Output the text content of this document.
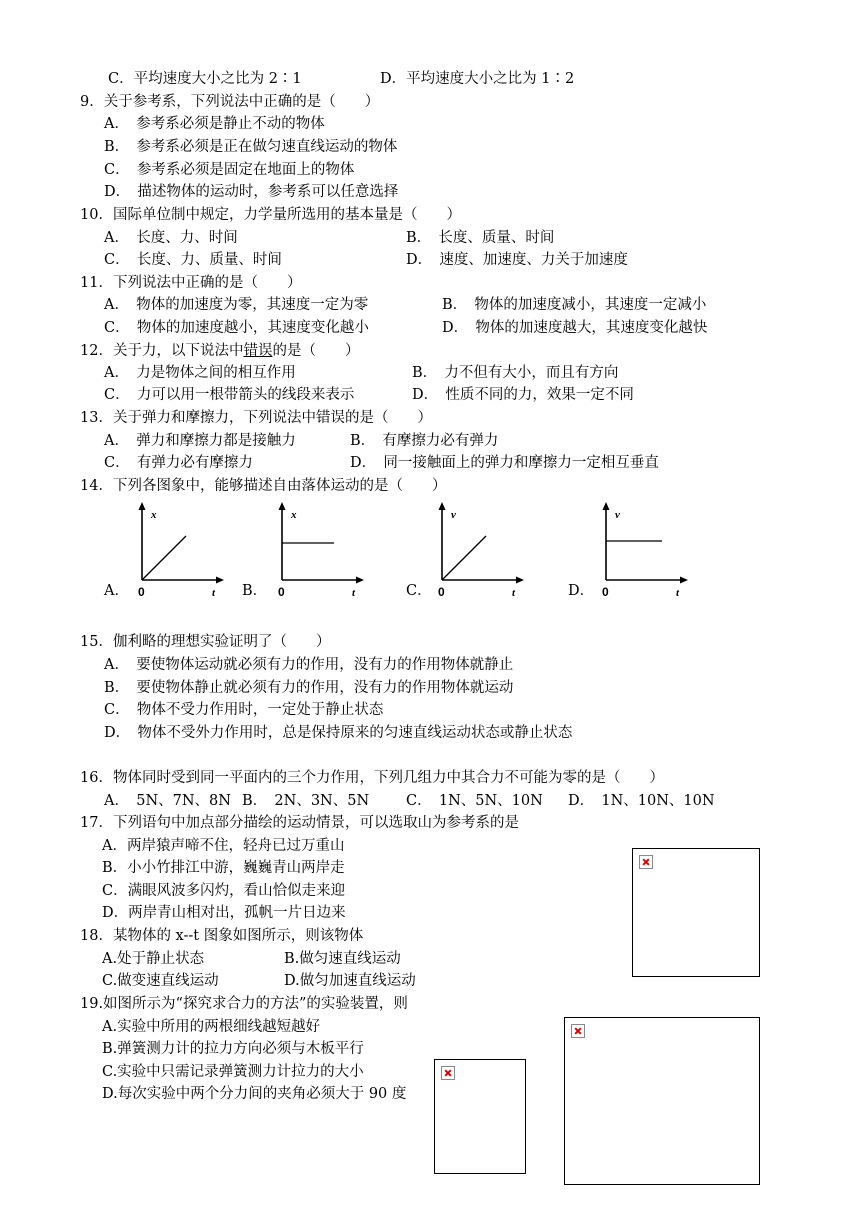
C．平均速度大小之比为 2∶1	D．平均速度大小之比为 1∶2
9．关于参考系，下列说法中正确的是（　　）
A．　参考系必须是静止不动的物体
B．　参考系必须是正在做匀速直线运动的物体
C．　参考系必须是固定在地面上的物体
D．　描述物体的运动时，参考系可以任意选择
10．国际单位制中规定，力学量所选用的基本量是（　　）
A．　长度、力、时间	B．　长度、质量、时间
C．　长度、力、质量、时间	D．　速度、加速度、力关于加速度
11．下列说法中正确的是（　　）
A．　物体的加速度为零，其速度一定为零	B．　物体的加速度减小，其速度一定减小
C．　物体的加速度越小，其速度变化越小	D．　物体的加速度越大，其速度变化越快
12．关于力，以下说法中错误的是（　　）
A．　力是物体之间的相互作用	B．　力不但有大小，而且有方向
C．　力可以用一根带箭头的线段来表示	D．　性质不同的力，效果一定不同
13．关于弹力和摩擦力，下列说法中错误的是（　　）
A．　弹力和摩擦力都是接触力	B．　有摩擦力必有弹力
C．　有弹力必有摩擦力	D．　同一接触面上的弹力和摩擦力一定相互垂直
14．下列各图象中，能够描述自由落体运动的是（　　）
A．	B．	C．	D．
x
0	t
x
0	t
v
0	t
v
0	t
15．伽利略的理想实验证明了（　　）
A．　要使物体运动就必须有力的作用，没有力的作用物体就静止
B．　要使物体静止就必须有力的作用，没有力的作用物体就运动
C．　物体不受力作用时，一定处于静止状态
D．　物体不受外力作用时，总是保持原来的匀速直线运动状态或静止状态
16．物体同时受到同一平面内的三个力作用，下列几组力中其合力不可能为零的是（　　）
A．　5N、7N、8N B．　2N、3N、5N	C．　1N、5N、10N D．　1N、10N、10N
17．下列语句中加点部分描绘的运动情景，可以选取山为参考系的是
A．两岸猿声啼不住，轻舟已过万重山
B．小小竹排江中游，巍巍青山两岸走
C．满眼风波多闪灼，看山恰似走来迎
D．两岸青山相对出，孤帆一片日边来
18．某物体的 x--t 图象如图所示，则该物体
A.处于静止状态	B.做匀速直线运动
C.做变速直线运动	D.做匀加速直线运动
19.如图所示为“探究求合力的方法”的实验装置，则
A.实验中所用的两根细线越短越好
B.弹簧测力计的拉力方向必须与木板平行
C.实验中只需记录弹簧测力计拉力的大小
D.每次实验中两个分力间的夹角必须大于 90 度
